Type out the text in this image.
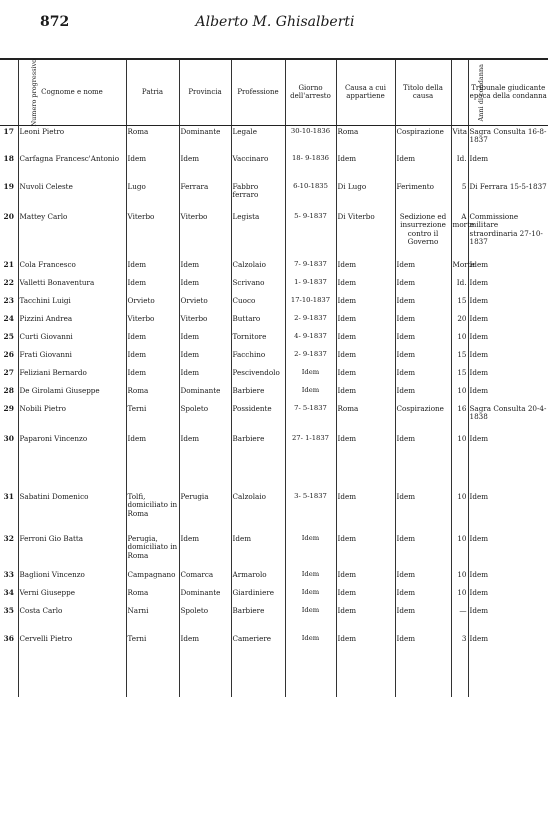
872	Alberto M. Ghisalberti
Numero progressivo	Cognome e nome	Patria	Provincia	Professione	Giorno dell'arresto	Causa a cui appartiene	Titolo della causa	Anni di condanna	Tribunale giudicante epoca della condanna
17	Leoni Pietro	Roma	Dominante	Legale	30-10-1836	Roma	Cospirazione	Vita	Sagra Consulta 16-8-1837
18	Carfagna Francesc'Antonio	Idem	Idem	Vaccinaro	18- 9-1836	Idem	Idem	Id.	Idem
19	Nuvoli Celeste	Lugo	Ferrara	Fabbro ferraro	6-10-1835	Di Lugo	Ferimento	5	Di Ferrara 15-5-1837
20	Mattey Carlo	Viterbo	Viterbo	Legista	5- 9-1837	Di Viterbo	Sedizione ed insurrezione contro il Governo	A morte	Commissione militare straordinaria 27-10-1837
21	Cola Francesco	Idem	Idem	Calzolaio	7- 9-1837	Idem	Idem	Morte	Idem
22	Valletti Bonaventura	Idem	Idem	Scrivano	1- 9-1837	Idem	Idem	Id.	Idem
23	Tacchini Luigi	Orvieto	Orvieto	Cuoco	17-10-1837	Idem	Idem	15	Idem
24	Pizzini Andrea	Viterbo	Viterbo	Buttaro	2- 9-1837	Idem	Idem	20	Idem
25	Curti Giovanni	Idem	Idem	Tornitore	4- 9-1837	Idem	Idem	10	Idem
26	Frati Giovanni	Idem	Idem	Facchino	2- 9-1837	Idem	Idem	15	Idem
27	Feliziani Bernardo	Idem	Idem	Pescivendolo	Idem	Idem	Idem	15	Idem
28	De Girolami Giuseppe	Roma	Dominante	Barbiere	Idem	Idem	Idem	10	Idem
29	Nobili Pietro	Terni	Spoleto	Possidente	7- 5-1837	Roma	Cospirazione	16	Sagra Consulta 20-4-1838
30	Paparoni Vincenzo	Idem	Idem	Barbiere	27- 1-1837	Idem	Idem	10	Idem
31	Sabatini Domenico	Tolfi, domiciliato in Roma	Perugia	Calzolaio	3- 5-1837	Idem	Idem	10	Idem
32	Ferroni Gio Batta	Perugia, domiciliato in Roma	Idem	Idem	Idem	Idem	Idem	10	Idem
33	Baglioni Vincenzo	Campagnano	Comarca	Armarolo	Idem	Idem	Idem	10	Idem
34	Verni Giuseppe	Roma	Dominante	Giardiniere	Idem	Idem	Idem	10	Idem
35	Costa Carlo	Narni	Spoleto	Barbiere	Idem	Idem	Idem	—	Idem
36	Cervelli Pietro	Terni	Idem	Cameriere	Idem	Idem	Idem	3	Idem
